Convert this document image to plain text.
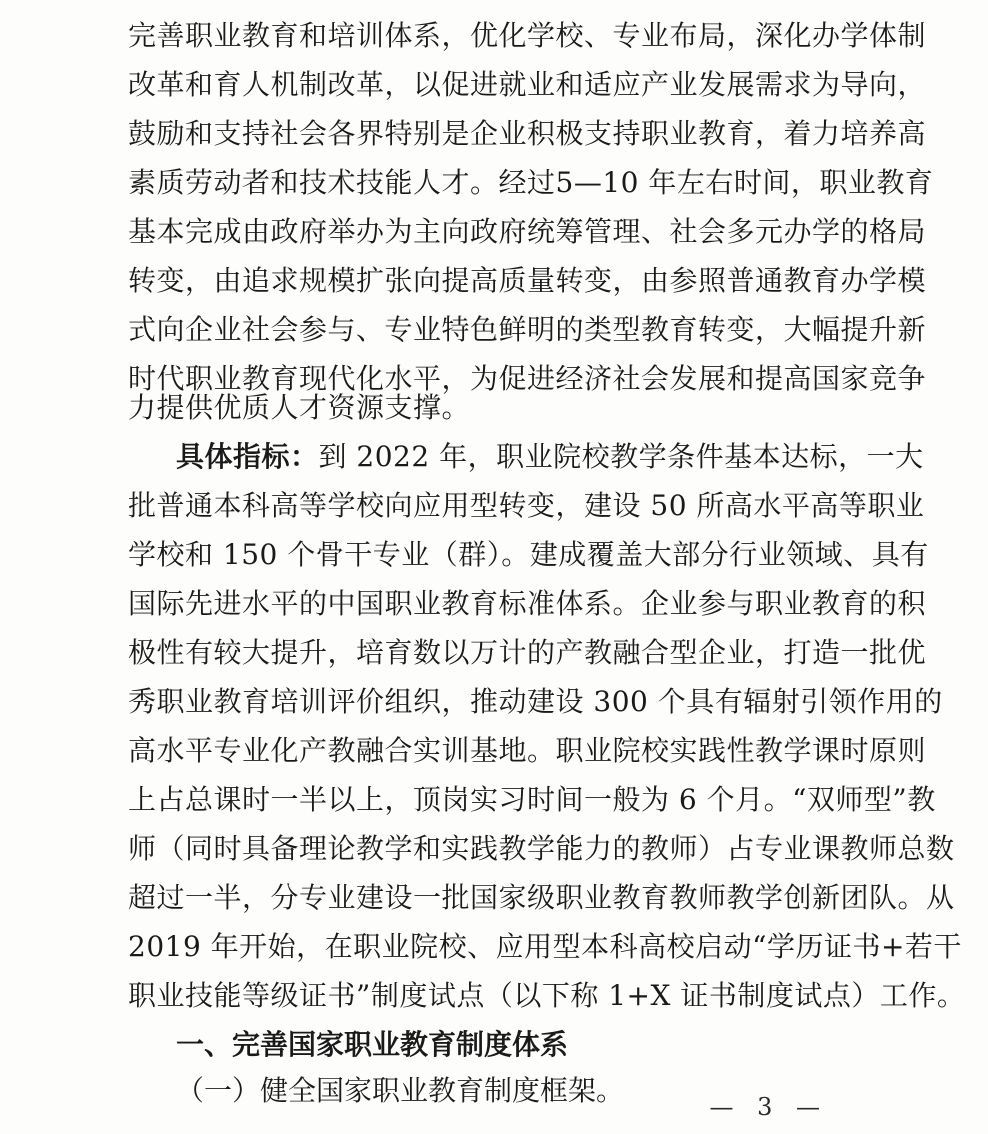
完善职业教育和培训体系，优化学校、专业布局，深化办学体制
改革和育人机制改革，以促进就业和适应产业发展需求为导向，
鼓励和支持社会各界特别是企业积极支持职业教育，着力培养高
素质劳动者和技术技能人才。经过5—10 年左右时间，职业教育
基本完成由政府举办为主向政府统筹管理、社会多元办学的格局
转变，由追求规模扩张向提高质量转变，由参照普通教育办学模
式向企业社会参与、专业特色鲜明的类型教育转变，大幅提升新
时代职业教育现代化水平，为促进经济社会发展和提高国家竞争
力提供优质人才资源支撑。
具体指标：到 2022 年，职业院校教学条件基本达标，一大
批普通本科高等学校向应用型转变，建设 50 所高水平高等职业
学校和 150 个骨干专业（群）。建成覆盖大部分行业领域、具有
国际先进水平的中国职业教育标准体系。企业参与职业教育的积
极性有较大提升，培育数以万计的产教融合型企业，打造一批优
秀职业教育培训评价组织，推动建设 300 个具有辐射引领作用的
高水平专业化产教融合实训基地。职业院校实践性教学课时原则
上占总课时一半以上，顶岗实习时间一般为 6 个月。“双师型”教
师（同时具备理论教学和实践教学能力的教师）占专业课教师总数
超过一半，分专业建设一批国家级职业教育教师教学创新团队。从
2019 年开始，在职业院校、应用型本科高校启动“学历证书+若干
职业技能等级证书”制度试点（以下称 1+X 证书制度试点）工作。
一、完善国家职业教育制度体系
（一）健全国家职业教育制度框架。	— 3 —
